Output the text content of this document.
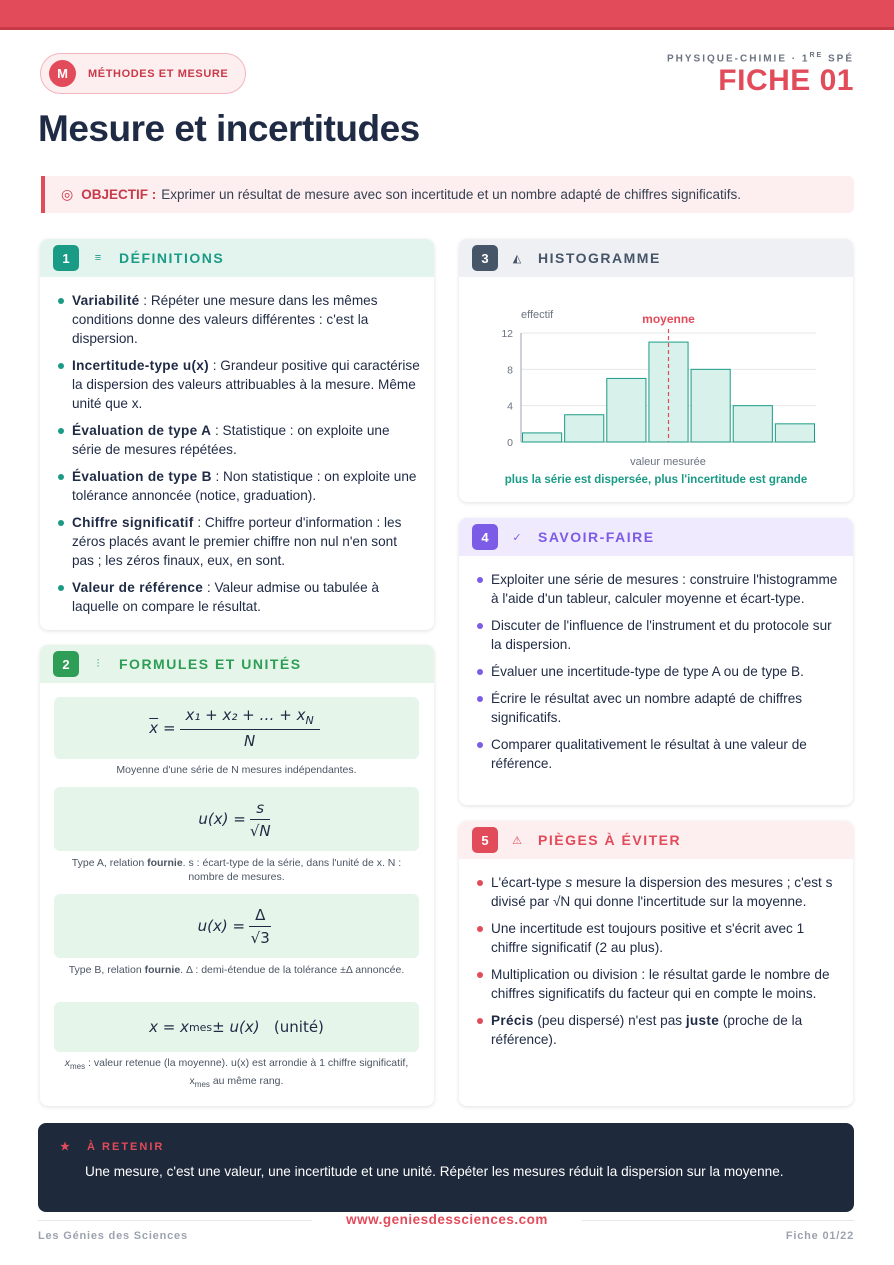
M	MÉTHODES ET MESURE
PHYSIQUE-CHIMIE · 1RE SPÉ
FICHE 01
Mesure et incertitudes
◎ OBJECTIF : Exprimer un résultat de mesure avec son incertitude et un nombre adapté de chiffres significatifs.
1	≡ DÉFINITIONS
Variabilité : Répéter une mesure dans les mêmes conditions donne des valeurs différentes : c'est la dispersion.
Incertitude-type u(x) : Grandeur positive qui caractérise la dispersion des valeurs attribuables à la mesure. Même unité que x.
Évaluation de type A : Statistique : on exploite une série de mesures répétées.
Évaluation de type B : Non statistique : on exploite une tolérance annoncée (notice, graduation).
Chiffre significatif : Chiffre porteur d'information : les zéros placés avant le premier chiffre non nul n'en sont pas ; les zéros finaux, eux, en sont.
Valeur de référence : Valeur admise ou tabulée à laquelle on compare le résultat.
2	⫶	FORMULES ET UNITÉS
$\overline{x}$
= $\frac{x_1 + x_2 + \dots + x_N}{N}$
Moyenne d'une série de N mesures indépendantes.
u(x)
= $\frac{s}{√N}$
Type A, relation fournie. s : écart-type de la série, dans l'unité de x. N : nombre de mesures.
u(x)
= $\frac{\Delta}{√3}$
Type B, relation fournie. Δ : demi-étendue de la tolérance ±Δ annoncée.
x = x mes ± u(x)
(unité)
$x_{mes}$ : valeur retenue (la moyenne). u(x) est arrondie à 1 chiffre significatif, $x_{mes}$ au même rang.
3	◭ HISTOGRAMME
0
4
8
12
effectif
valeur mesurée
moyenne
plus la série est dispersée, plus l'incertitude est grande
4	✓ SAVOIR-FAIRE
Exploiter une série de mesures : construire l'histogramme à l'aide d'un tableur, calculer moyenne et écart-type.
Discuter de l'influence de l'instrument et du protocole sur la dispersion.
Évaluer une incertitude-type de type A ou de type B.
Écrire le résultat avec un nombre adapté de chiffres significatifs.
Comparer qualitativement le résultat à une valeur de référence.
5	⚠ PIÈGES À ÉVITER
L'écart-type s mesure la dispersion des mesures ; c'est s divisé par √N qui donne l'incertitude sur la moyenne.
Une incertitude est toujours positive et s'écrit avec 1 chiffre significatif (2 au plus).
Multiplication ou division : le résultat garde le nombre de chiffres significatifs du facteur qui en compte le moins.
Précis (peu dispersé) n'est pas juste (proche de la référence).
★ À RETENIR
Une mesure, c'est une valeur, une incertitude et une unité. Répéter les mesures réduit la dispersion sur la moyenne.
www.geniesdessciences.com
Les Génies des Sciences	Fiche 01/22
